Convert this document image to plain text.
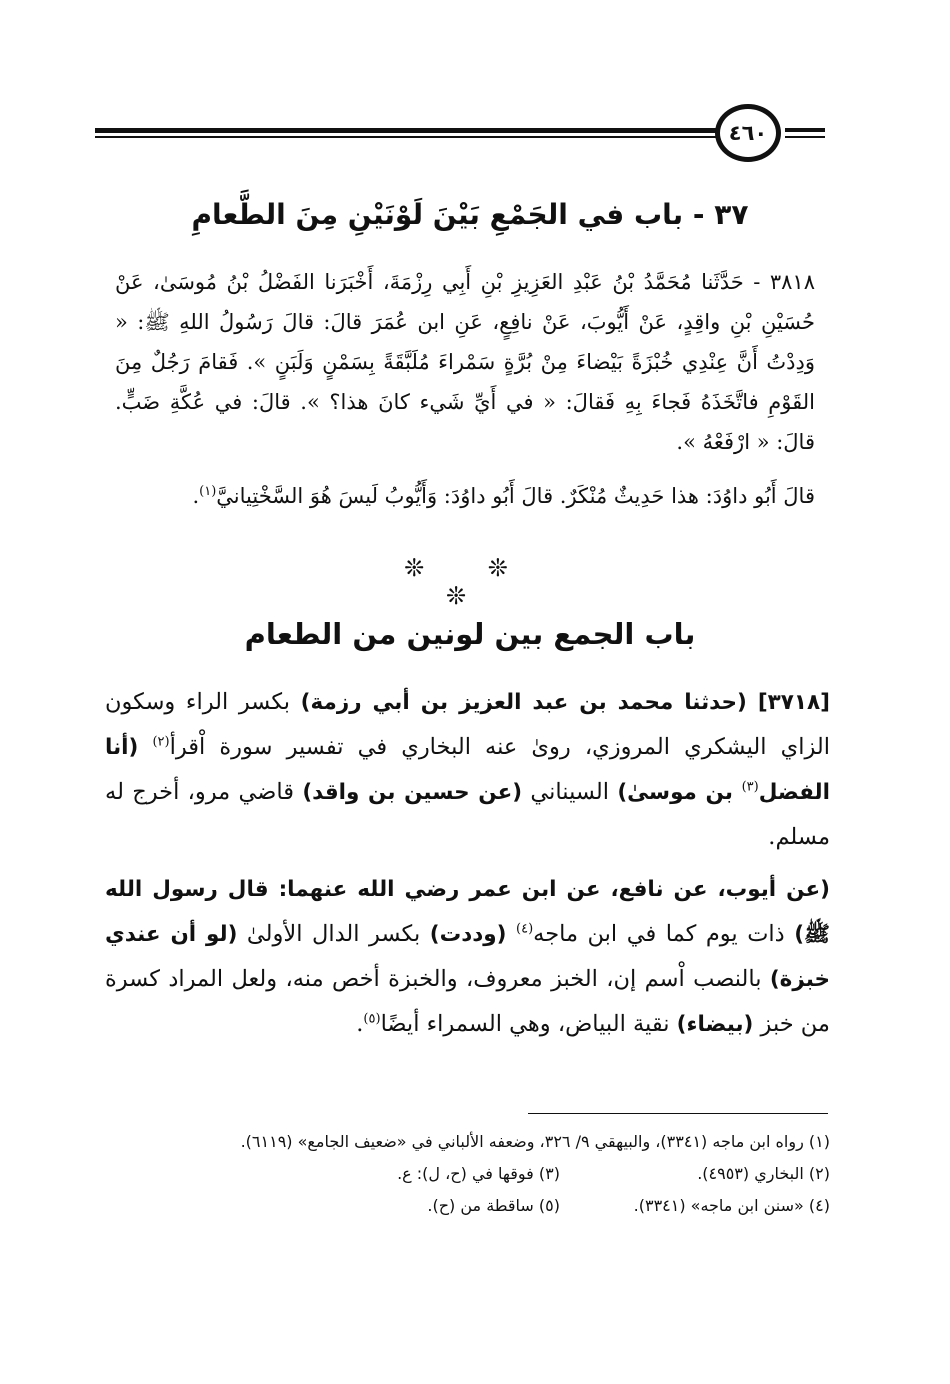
٤٦٠
٣٧ - باب في الجَمْعِ بَيْنَ لَوْنَيْنِ مِنَ الطَّعامِ

٣٨١٨ - حَدَّثَنا مُحَمَّدُ بْنُ عَبْدِ العَزِيزِ بْنِ أَبِي رِزْمَةَ، أَخْبَرَنا الفَضْلُ بْنُ مُوسَىٰ، عَنْ حُسَيْنِ بْنِ واقِدٍ، عَنْ أَيُّوبَ، عَنْ نافِعٍ، عَنِ ابن عُمَرَ قالَ: قالَ رَسُولُ اللهِ ﷺ: « وَدِدْتُ أَنَّ عِنْدِي خُبْزَةً بَيْضاءَ مِنْ بُرَّةٍ سَمْراءَ مُلَبَّقَةً بِسَمْنٍ وَلَبَنٍ ». فَقامَ رَجُلٌ مِنَ القَوْمِ فاتَّخَذَهُ فَجاءَ بِهِ فَقالَ: « في أَيِّ شَيء كانَ هذا؟ ». قالَ: في عُكَّةِ ضَبٍّ. قالَ: « ارْفَعْهُ ».

قالَ أَبُو داوُدَ: هذا حَدِيثٌ مُنْكَرٌ. قالَ أَبُو داوُدَ: وَأَيُّوبُ لَيسَ هُوَ السَّخْتِيانيَّ$^{(١)}$.

❊ ❊ ❊
باب الجمع بين لونين من الطعام

[٣٧١٨] (حدثنا محمد بن عبد العزيز بن أبي رزمة) بكسر الراء وسكون الزاي اليشكري المروزي، روىٰ عنه البخاري في تفسير سورة اْقرأ$^{(٢)}$ (أنا الفضل$^{(٣)}$ بن موسىٰ) السيناني (عن حسين بن واقد) قاضي مرو، أخرج له مسلم.

(عن أيوب، عن نافع، عن ابن عمر رضي الله عنهما: قال رسول الله ﷺ) ذات يوم كما في ابن ماجه$^{(٤)}$ (وددت) بكسر الدال الأولىٰ (لو أن عندي خبزة) بالنصب اْسم إن، الخبز معروف، والخبزة أخص منه، ولعل المراد كسرة من خبز (بيضاء) نقية البياض، وهي السمراء أيضًا$^{(٥)}$.

(١) رواه ابن ماجه (٣٣٤١)، والبيهقي ٩/ ٣٢٦، وضعفه الألباني في «ضعيف الجامع» (٦١١٩).

(٢) البخاري (٤٩٥٣).
(٣) فوقها في (ح، ل): ع.
(٤) «سنن ابن ماجه» (٣٣٤١).
(٥) ساقطة من (ح).
